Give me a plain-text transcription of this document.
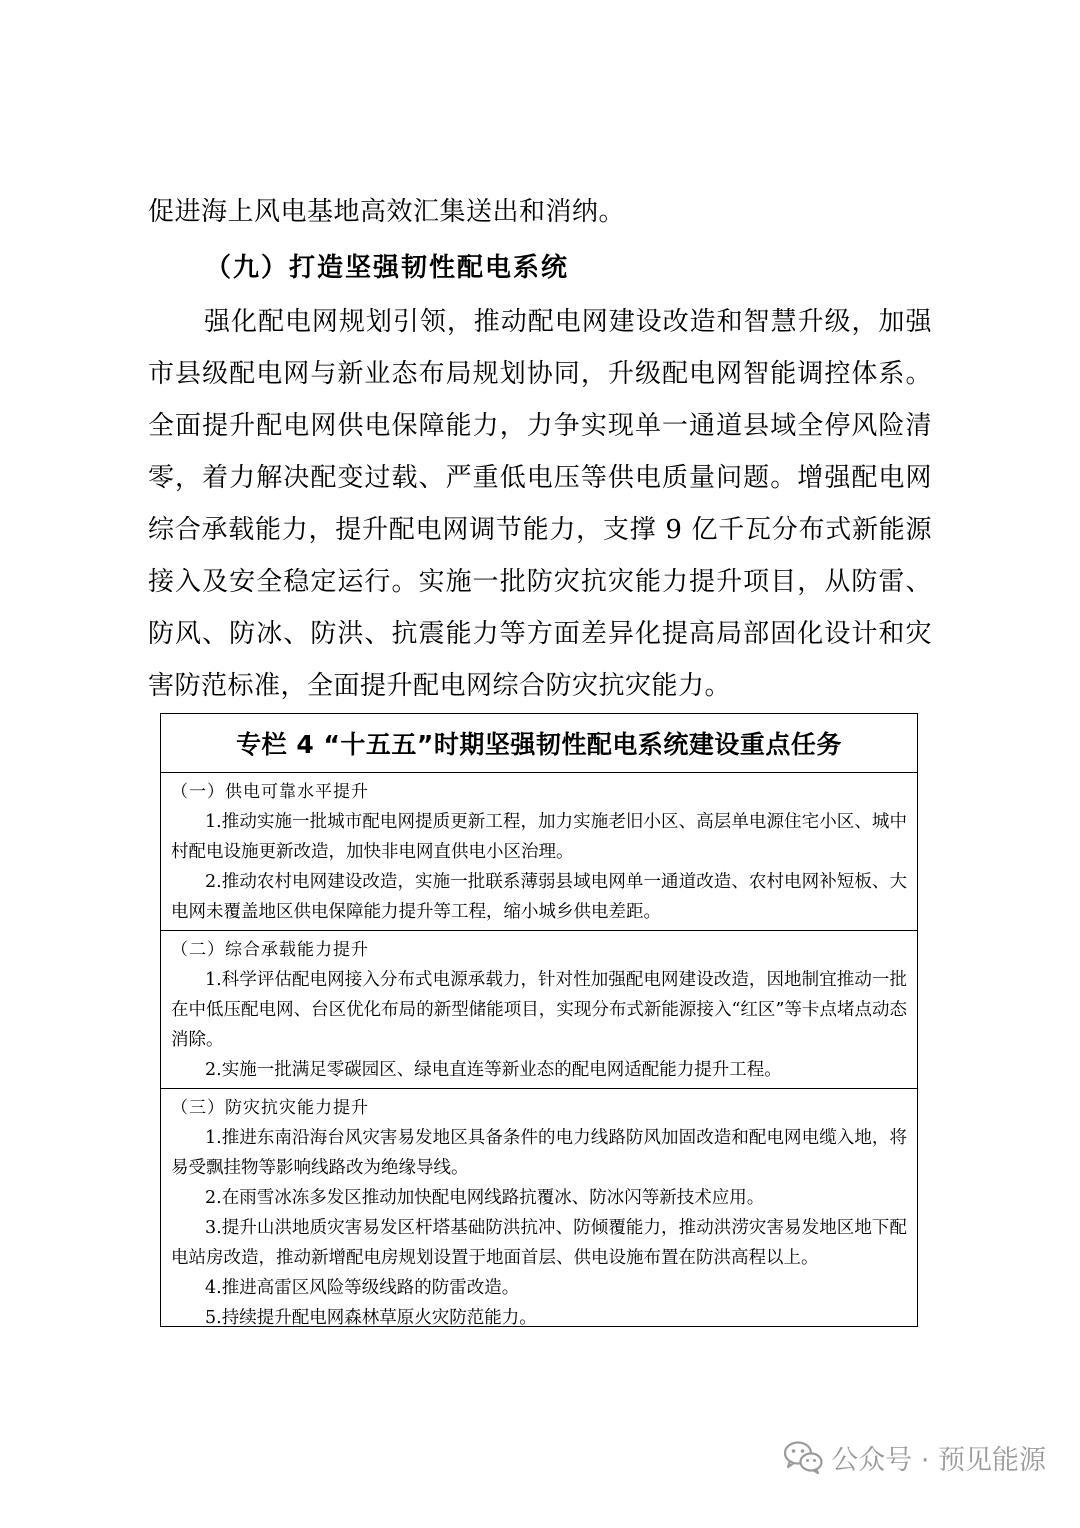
促进海上风电基地高效汇集送出和消纳。

（九）打造坚强韧性配电系统

强化配电网规划引领，推动配电网建设改造和智慧升级，加强市县级配电网与新业态布局规划协同，升级配电网智能调控体系。全面提升配电网供电保障能力，力争实现单一通道县域全停风险清零，着力解决配变过载、严重低电压等供电质量问题。增强配电网综合承载能力，提升配电网调节能力，支撑 9 亿千瓦分布式新能源接入及安全稳定运行。实施一批防灾抗灾能力提升项目，从防雷、防风、防冰、防洪、抗震能力等方面差异化提高局部固化设计和灾害防范标准，全面提升配电网综合防灾抗灾能力。

专栏 4 “十五五”时期坚强韧性配电系统建设重点任务

（一）供电可靠水平提升

1.推动实施一批城市配电网提质更新工程，加力实施老旧小区、高层单电源住宅小区、城中村配电设施更新改造，加快非电网直供电小区治理。

2.推动农村电网建设改造，实施一批联系薄弱县域电网单一通道改造、农村电网补短板、大电网未覆盖地区供电保障能力提升等工程，缩小城乡供电差距。

（二）综合承载能力提升

1.科学评估配电网接入分布式电源承载力，针对性加强配电网建设改造，因地制宜推动一批在中低压配电网、台区优化布局的新型储能项目，实现分布式新能源接入“红区”等卡点堵点动态消除。

2.实施一批满足零碳园区、绿电直连等新业态的配电网适配能力提升工程。

（三）防灾抗灾能力提升

1.推进东南沿海台风灾害易发地区具备条件的电力线路防风加固改造和配电网电缆入地，将易受飘挂物等影响线路改为绝缘导线。

2.在雨雪冰冻多发区推动加快配电网线路抗覆冰、防冰闪等新技术应用。

3.提升山洪地质灾害易发区杆塔基础防洪抗冲、防倾覆能力，推动洪涝灾害易发地区地下配电站房改造，推动新增配电房规划设置于地面首层、供电设施布置在防洪高程以上。

4.推进高雷区风险等级线路的防雷改造。

5.持续提升配电网森林草原火灾防范能力。

公众号 · 预见能源
